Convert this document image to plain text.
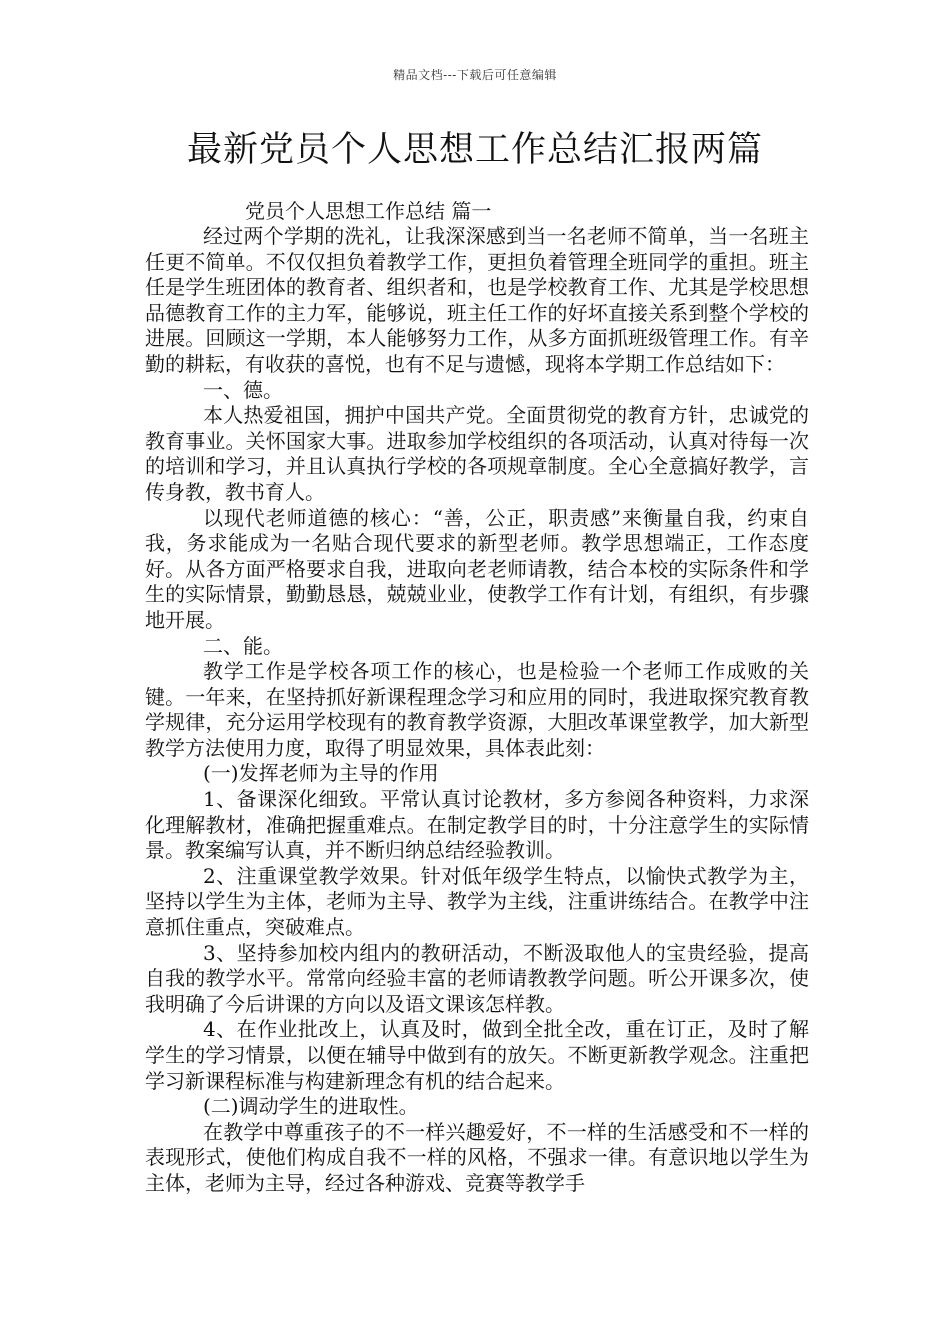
精品文档---下载后可任意编辑
最新党员个人思想工作总结汇报两篇
党员个人思想工作总结 篇一

经过两个学期的洗礼，让我深深感到当一名老师不简单，当一名班主任更不简单。不仅仅担负着教学工作，更担负着管理全班同学的重担。班主任是学生班团体的教育者、组织者和，也是学校教育工作、尤其是学校思想品德教育工作的主力军，能够说，班主任工作的好坏直接关系到整个学校的进展。回顾这一学期，本人能够努力工作，从多方面抓班级管理工作。有辛勤的耕耘，有收获的喜悦，也有不足与遗憾，现将本学期工作总结如下：

一、德。

本人热爱祖国，拥护中国共产党。全面贯彻党的教育方针，忠诚党的教育事业。关怀国家大事。进取参加学校组织的各项活动，认真对待每一次的培训和学习，并且认真执行学校的各项规章制度。全心全意搞好教学，言传身教，教书育人。

以现代老师道德的核心：“善，公正，职责感”来衡量自我，约束自我，务求能成为一名贴合现代要求的新型老师。教学思想端正，工作态度好。从各方面严格要求自我，进取向老老师请教，结合本校的实际条件和学生的实际情景，勤勤恳恳，兢兢业业，使教学工作有计划，有组织，有步骤地开展。

二、能。

教学工作是学校各项工作的核心，也是检验一个老师工作成败的关键。一年来，在坚持抓好新课程理念学习和应用的同时，我进取探究教育教学规律，充分运用学校现有的教育教学资源，大胆改革课堂教学，加大新型教学方法使用力度，取得了明显效果，具体表此刻：

(一)发挥老师为主导的作用

1、备课深化细致。平常认真讨论教材，多方参阅各种资料，力求深化理解教材，准确把握重难点。在制定教学目的时，十分注意学生的实际情景。教案编写认真，并不断归纳总结经验教训。

2、注重课堂教学效果。针对低年级学生特点，以愉快式教学为主，坚持以学生为主体，老师为主导、教学为主线，注重讲练结合。在教学中注意抓住重点，突破难点。

3、坚持参加校内组内的教研活动，不断汲取他人的宝贵经验，提高自我的教学水平。常常向经验丰富的老师请教教学问题。听公开课多次，使我明确了今后讲课的方向以及语文课该怎样教。

4、在作业批改上，认真及时，做到全批全改，重在订正，及时了解学生的学习情景，以便在辅导中做到有的放矢。不断更新教学观念。注重把学习新课程标准与构建新理念有机的结合起来。

(二)调动学生的进取性。

在教学中尊重孩子的不一样兴趣爱好，不一样的生活感受和不一样的表现形式，使他们构成自我不一样的风格，不强求一律。有意识地以学生为主体，老师为主导，经过各种游戏、竞赛等教学手
